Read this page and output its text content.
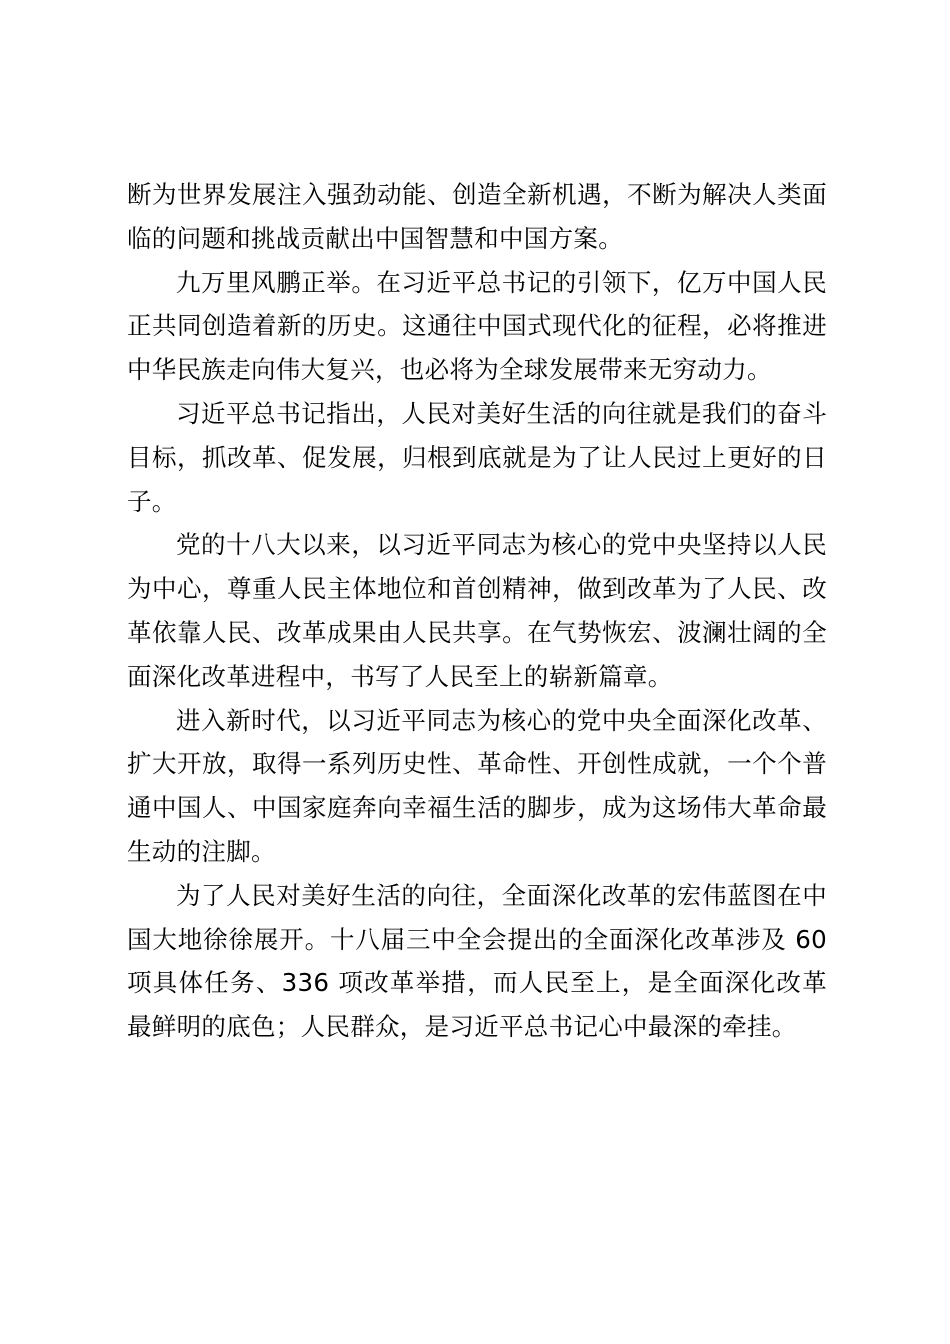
断为世界发展注入强劲动能、创造全新机遇，不断为解决人类面临的问题和挑战贡献出中国智慧和中国方案。

九万里风鹏正举。在习近平总书记的引领下，亿万中国人民正共同创造着新的历史。这通往中国式现代化的征程，必将推进中华民族走向伟大复兴，也必将为全球发展带来无穷动力。

习近平总书记指出，人民对美好生活的向往就是我们的奋斗目标，抓改革、促发展，归根到底就是为了让人民过上更好的日子。

党的十八大以来，以习近平同志为核心的党中央坚持以人民为中心，尊重人民主体地位和首创精神，做到改革为了人民、改革依靠人民、改革成果由人民共享。在气势恢宏、波澜壮阔的全面深化改革进程中，书写了人民至上的崭新篇章。

进入新时代，以习近平同志为核心的党中央全面深化改革、扩大开放，取得一系列历史性、革命性、开创性成就，一个个普通中国人、中国家庭奔向幸福生活的脚步，成为这场伟大革命最生动的注脚。

为了人民对美好生活的向往，全面深化改革的宏伟蓝图在中国大地徐徐展开。十八届三中全会提出的全面深化改革涉及 60 项具体任务、336 项改革举措，而人民至上，是全面深化改革最鲜明的底色；人民群众，是习近平总书记心中最深的牵挂。
